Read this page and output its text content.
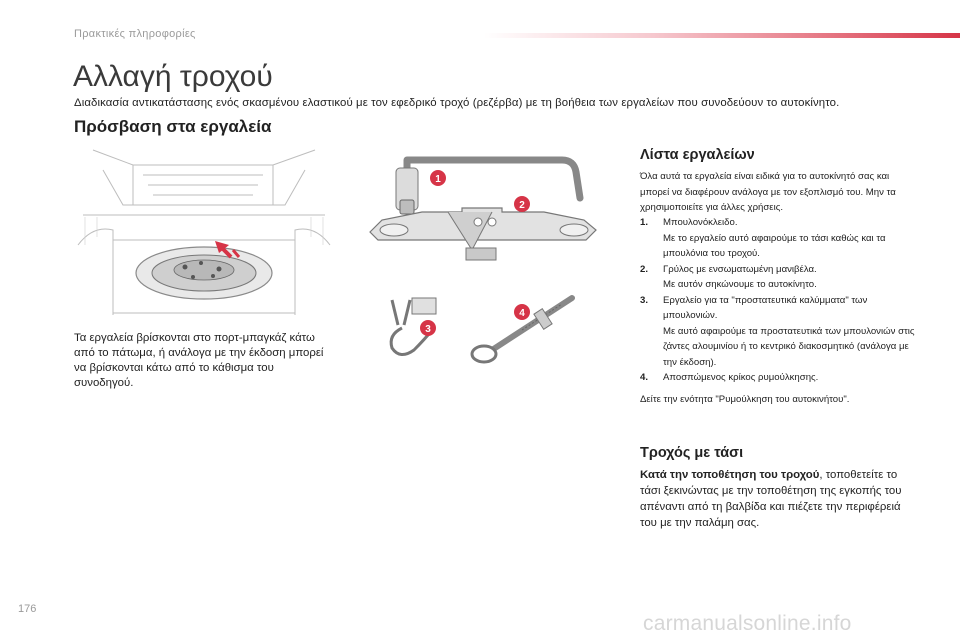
Πρακτικές πληροφορίες
Αλλαγή τροχού
Διαδικασία αντικατάστασης ενός σκασμένου ελαστικού με τον εφεδρικό τροχό (ρεζέρβα) με τη βοήθεια των εργαλείων που συνοδεύουν το αυτοκίνητο.
Πρόσβαση στα εργαλεία
Τα εργαλεία βρίσκονται στο πορτ-μπαγκάζ κάτω από το πάτωμα, ή ανάλογα με την έκδοση μπορεί να βρίσκονται κάτω από το κάθισμα του συνοδηγού.
1
2
3
4
Λίστα εργαλείων
Όλα αυτά τα εργαλεία είναι ειδικά για το αυτοκίνητό σας και μπορεί να διαφέρουν ανάλογα με τον εξοπλισμό του. Μην τα χρησιμοποιείτε για άλλες χρήσεις.
1. Μπουλονόκλειδο.
Με το εργαλείο αυτό αφαιρούμε το τάσι καθώς και τα μπουλόνια του τροχού.
2. Γρύλος με ενσωματωμένη μανιβέλα.
Με αυτόν σηκώνουμε το αυτοκίνητο.
3. Εργαλείο για τα "προστατευτικά καλύμματα" των μπουλονιών.
Με αυτό αφαιρούμε τα προστατευτικά των μπουλονιών στις ζάντες αλουμινίου ή το κεντρικό διακοσμητικό (ανάλογα με την έκδοση).
4. Αποσπώμενος κρίκος ρυμούλκησης.
Δείτε την ενότητα "Ρυμούλκηση του αυτοκινήτου".
Τροχός με τάσι
Κατά την τοποθέτηση του τροχού, τοποθετείτε το τάσι ξεκινώντας με την τοποθέτηση της εγκοπής του απέναντι από τη βαλβίδα και πιέζετε την περιφέρειά του με την παλάμη σας.
176
carmanualsonline.info
